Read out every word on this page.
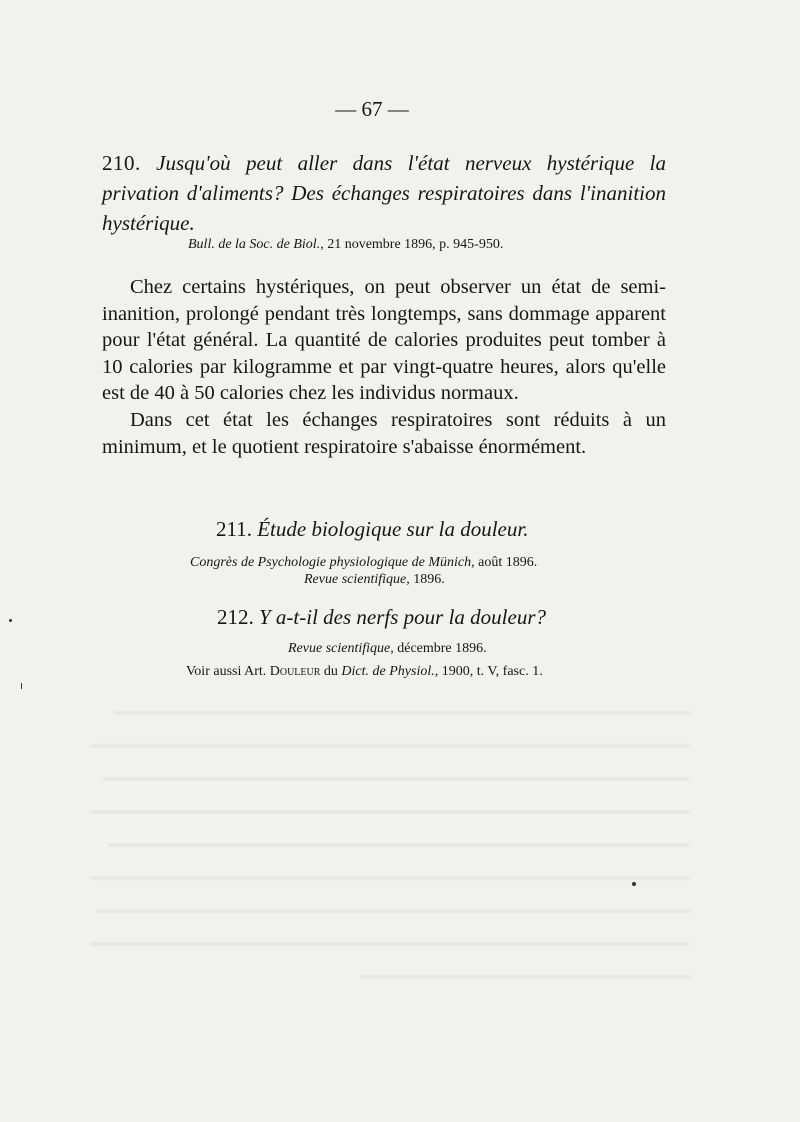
— 67 —
210. Jusqu'où peut aller dans l'état nerveux hystérique la privation d'aliments? Des échanges respiratoires dans l'inanition hystérique.
Bull. de la Soc. de Biol., 21 novembre 1896, p. 945-950.

Chez certains hystériques, on peut observer un état de semi-inanition, prolongé pendant très longtemps, sans dommage apparent pour l'état général. La quantité de calories produites peut tomber à 10 calories par kilogramme et par vingt-quatre heures, alors qu'elle est de 40 à 50 calories chez les individus normaux.

Dans cet état les échanges respiratoires sont réduits à un minimum, et le quotient respiratoire s'abaisse énormément.

211. Étude biologique sur la douleur.
Congrès de Psychologie physiologique de Münich, août 1896.
Revue scientifique, 1896.
212. Y a-t-il des nerfs pour la douleur?
Revue scientifique, décembre 1896.
Voir aussi Art. Douleur du Dict. de Physiol., 1900, t. V, fasc. 1.
